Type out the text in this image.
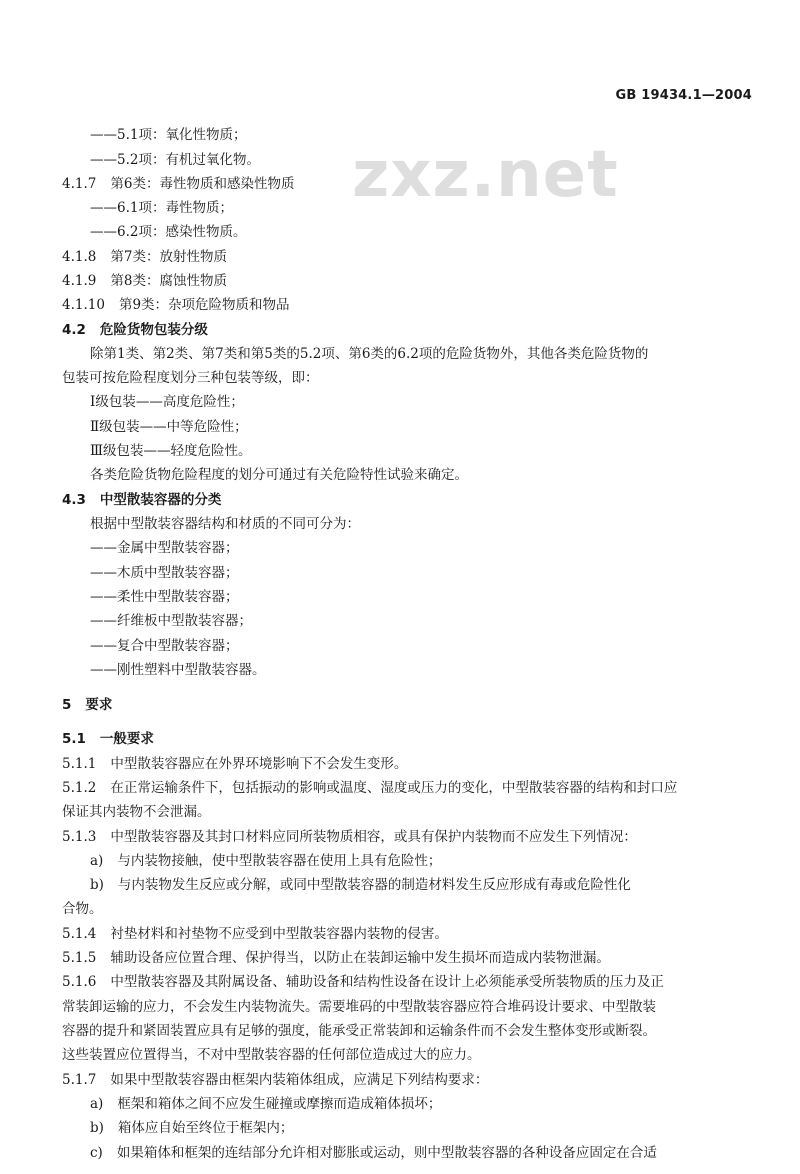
GB 19434.1—2004
zxz.net
——5.1项：氧化性物质；
——5.2项：有机过氧化物。
4.1.7 第6类：毒性物质和感染性物质
——6.1项：毒性物质；
——6.2项：感染性物质。
4.1.8 第7类：放射性物质
4.1.9 第8类：腐蚀性物质
4.1.10 第9类：杂项危险物质和物品
4.2 危险货物包装分级
除第1类、第2类、第7类和第5类的5.2项、第6类的6.2项的危险货物外，其他各类危险货物的
包装可按危险程度划分三种包装等级，即：
Ⅰ级包装——高度危险性；
Ⅱ级包装——中等危险性；
Ⅲ级包装——轻度危险性。
各类危险货物危险程度的划分可通过有关危险特性试验来确定。
4.3 中型散装容器的分类
根据中型散装容器结构和材质的不同可分为：
——金属中型散装容器；
——木质中型散装容器；
——柔性中型散装容器；
——纤维板中型散装容器；
——复合中型散装容器；
——刚性塑料中型散装容器。
5 要求
5.1 一般要求
5.1.1 中型散装容器应在外界环境影响下不会发生变形。
5.1.2 在正常运输条件下，包括振动的影响或温度、湿度或压力的变化，中型散装容器的结构和封口应
保证其内装物不会泄漏。
5.1.3 中型散装容器及其封口材料应同所装物质相容，或具有保护内装物而不应发生下列情况：
a) 与内装物接触，使中型散装容器在使用上具有危险性；
b) 与内装物发生反应或分解，或同中型散装容器的制造材料发生反应形成有毒或危险性化
合物。
5.1.4 衬垫材料和衬垫物不应受到中型散装容器内装物的侵害。
5.1.5 辅助设备应位置合理、保护得当，以防止在装卸运输中发生损坏而造成内装物泄漏。
5.1.6 中型散装容器及其附属设备、辅助设备和结构性设备在设计上必须能承受所装物质的压力及正
常装卸运输的应力，不会发生内装物流失。需要堆码的中型散装容器应符合堆码设计要求、中型散装
容器的提升和紧固装置应具有足够的强度，能承受正常装卸和运输条件而不会发生整体变形或断裂。
这些装置应位置得当，不对中型散装容器的任何部位造成过大的应力。
5.1.7 如果中型散装容器由框架内装箱体组成，应满足下列结构要求：
a) 框架和箱体之间不应发生碰撞或摩擦而造成箱体损坏；
b) 箱体应自始至终位于框架内；
c) 如果箱体和框架的连结部分允许相对膨胀或运动，则中型散装容器的各种设备应固定在合适
